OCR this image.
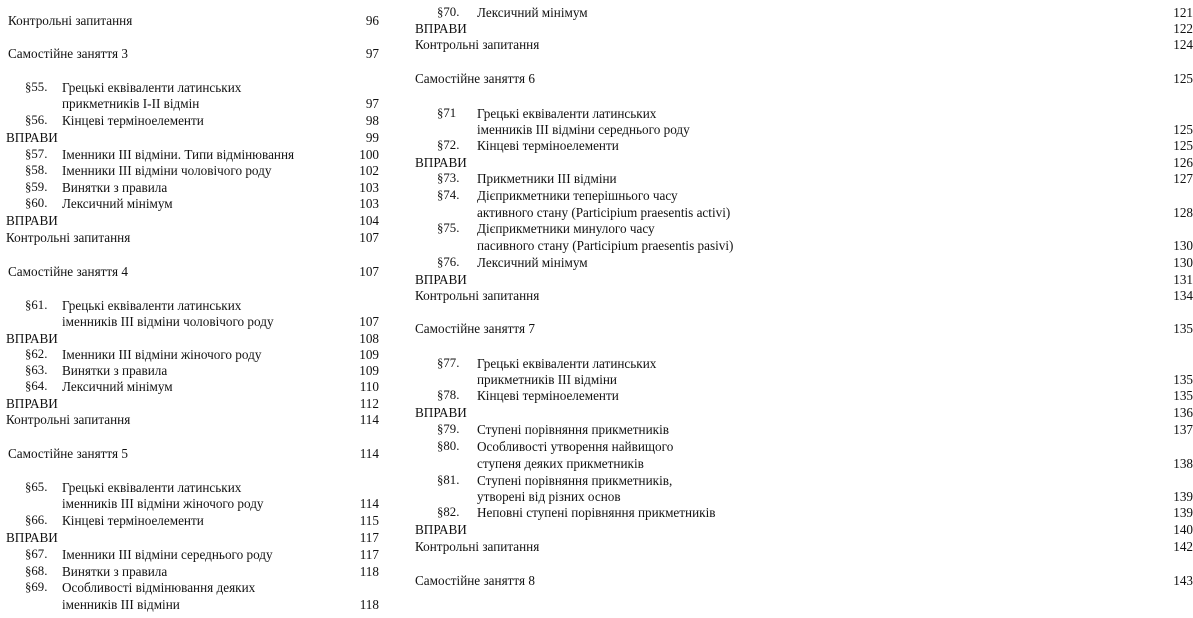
Контрольні запитання	96
Самостійне заняття 3	97
§55. Грецькі еквіваленти латинських
прикметників I-II відмін	97
§56. Кінцеві терміноелементи	98
ВПРАВИ	99
§57. Іменники III відміни. Типи відмінювання	100
§58. Іменники III відміни чоловічого роду	102
§59. Винятки з правила	103
§60. Лексичний мінімум	103
ВПРАВИ	104
Контрольні запитання	107
Самостійне заняття 4	107
§61. Грецькі еквіваленти латинських
іменників III відміни чоловічого роду	107
ВПРАВИ	108
§62. Іменники III відміни жіночого роду	109
§63. Винятки з правила	109
§64. Лексичний мінімум	110
ВПРАВИ	112
Контрольні запитання	114
Самостійне заняття 5	114
§65. Грецькі еквіваленти латинських
іменників III відміни жіночого роду	114
§66. Кінцеві терміноелементи	115
ВПРАВИ	117
§67. Іменники III відміни середнього роду	117
§68. Винятки з правила	118
§69. Особливості відмінювання деяких
іменників III відміни	118
§70. Лексичний мінімум	121
ВПРАВИ	122
Контрольні запитання	124
Самостійне заняття 6	125
§71 Грецькі еквіваленти латинських
іменників III відміни середнього роду	125
§72. Кінцеві терміноелементи	125
ВПРАВИ	126
§73. Прикметники III відміни	127
§74. Дієприкметники теперішнього часу
активного стану (Participium praesentis activi)	128
§75. Дієприкметники минулого часу
пасивного стану (Participium praesentis pasivi)	130
§76. Лексичний мінімум	130
ВПРАВИ	131
Контрольні запитання	134
Самостійне заняття 7	135
§77. Грецькі еквіваленти латинських
прикметників III відміни	135
§78. Кінцеві терміноелементи	135
ВПРАВИ	136
§79. Ступені порівняння прикметників	137
§80. Особливості утворення найвищого
ступеня деяких прикметників	138
§81. Ступені порівняння прикметників,
утворені від різних основ	139
§82. Неповні ступені порівняння прикметників	139
ВПРАВИ	140
Контрольні запитання	142
Самостійне заняття 8	143
